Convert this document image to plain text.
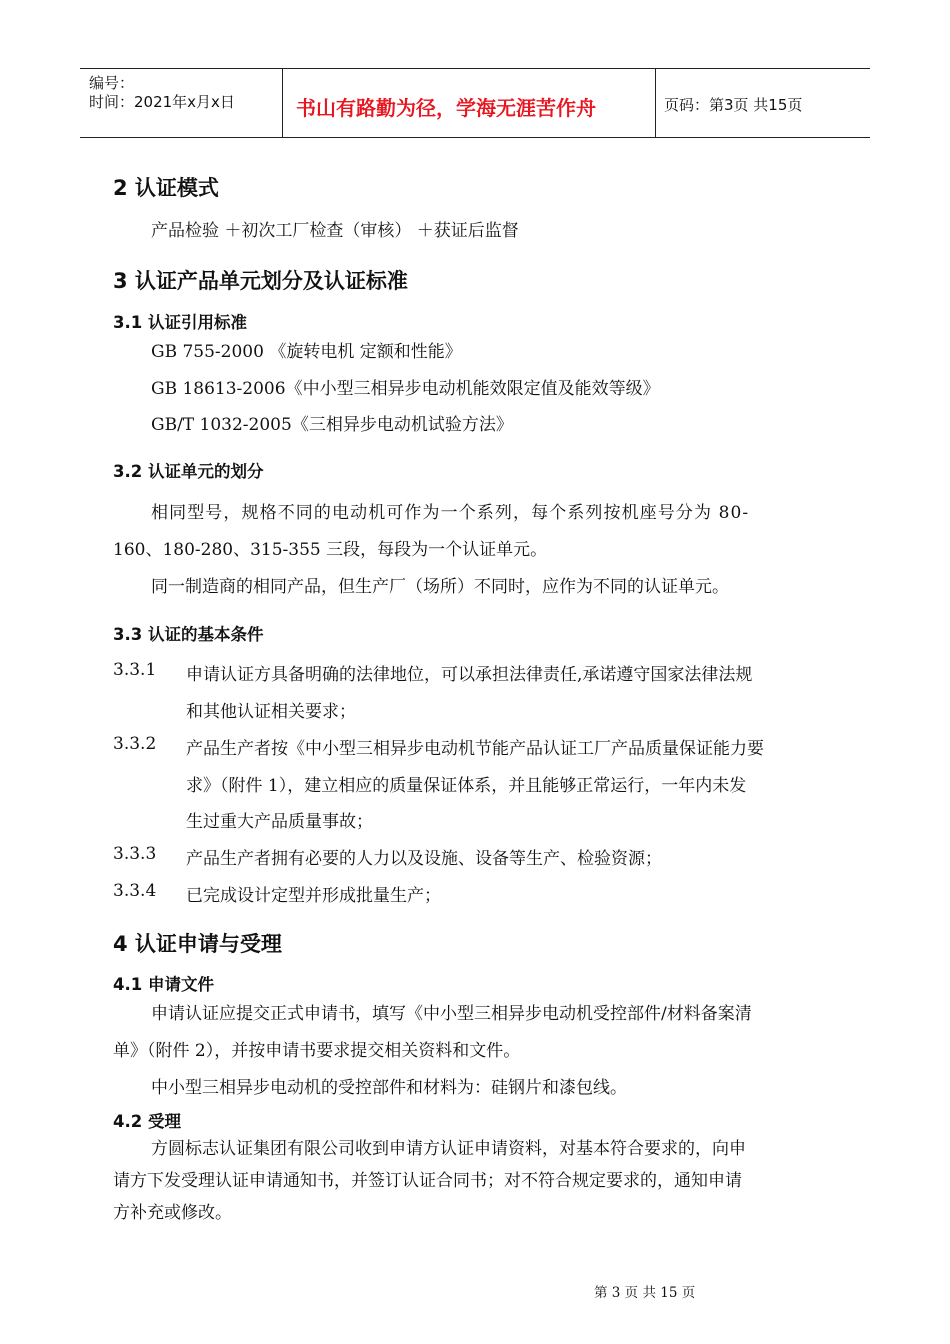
编号：
时间：2021年x月x日	书山有路勤为径，学海无涯苦作舟	页码：第3页 共15页
2 认证模式
产品检验 ＋初次工厂检查（审核） ＋获证后监督
3 认证产品单元划分及认证标准
3.1 认证引用标准
GB 755-2000 《旋转电机 定额和性能》
GB 18613-2006《中小型三相异步电动机能效限定值及能效等级》
GB/T 1032-2005《三相异步电动机试验方法》
3.2 认证单元的划分
相同型号，规格不同的电动机可作为一个系列，每个系列按机座号分为 80-
160、180-280、315-355 三段，每段为一个认证单元。
同一制造商的相同产品，但生产厂（场所）不同时，应作为不同的认证单元。
3.3 认证的基本条件
3.3.1 申请认证方具备明确的法律地位，可以承担法律责任,承诺遵守国家法律法规
和其他认证相关要求；
3.3.2 产品生产者按《中小型三相异步电动机节能产品认证工厂产品质量保证能力要
求》（附件 1），建立相应的质量保证体系，并且能够正常运行，一年内未发
生过重大产品质量事故；
3.3.3 产品生产者拥有必要的人力以及设施、设备等生产、检验资源；
3.3.4 已完成设计定型并形成批量生产；
4 认证申请与受理
4.1 申请文件
申请认证应提交正式申请书，填写《中小型三相异步电动机受控部件/材料备案清
单》（附件 2），并按申请书要求提交相关资料和文件。
中小型三相异步电动机的受控部件和材料为：硅钢片和漆包线。
4.2 受理
方圆标志认证集团有限公司收到申请方认证申请资料，对基本符合要求的，向申
请方下发受理认证申请通知书，并签订认证合同书；对不符合规定要求的，通知申请
方补充或修改。
第 3 页 共 15 页
